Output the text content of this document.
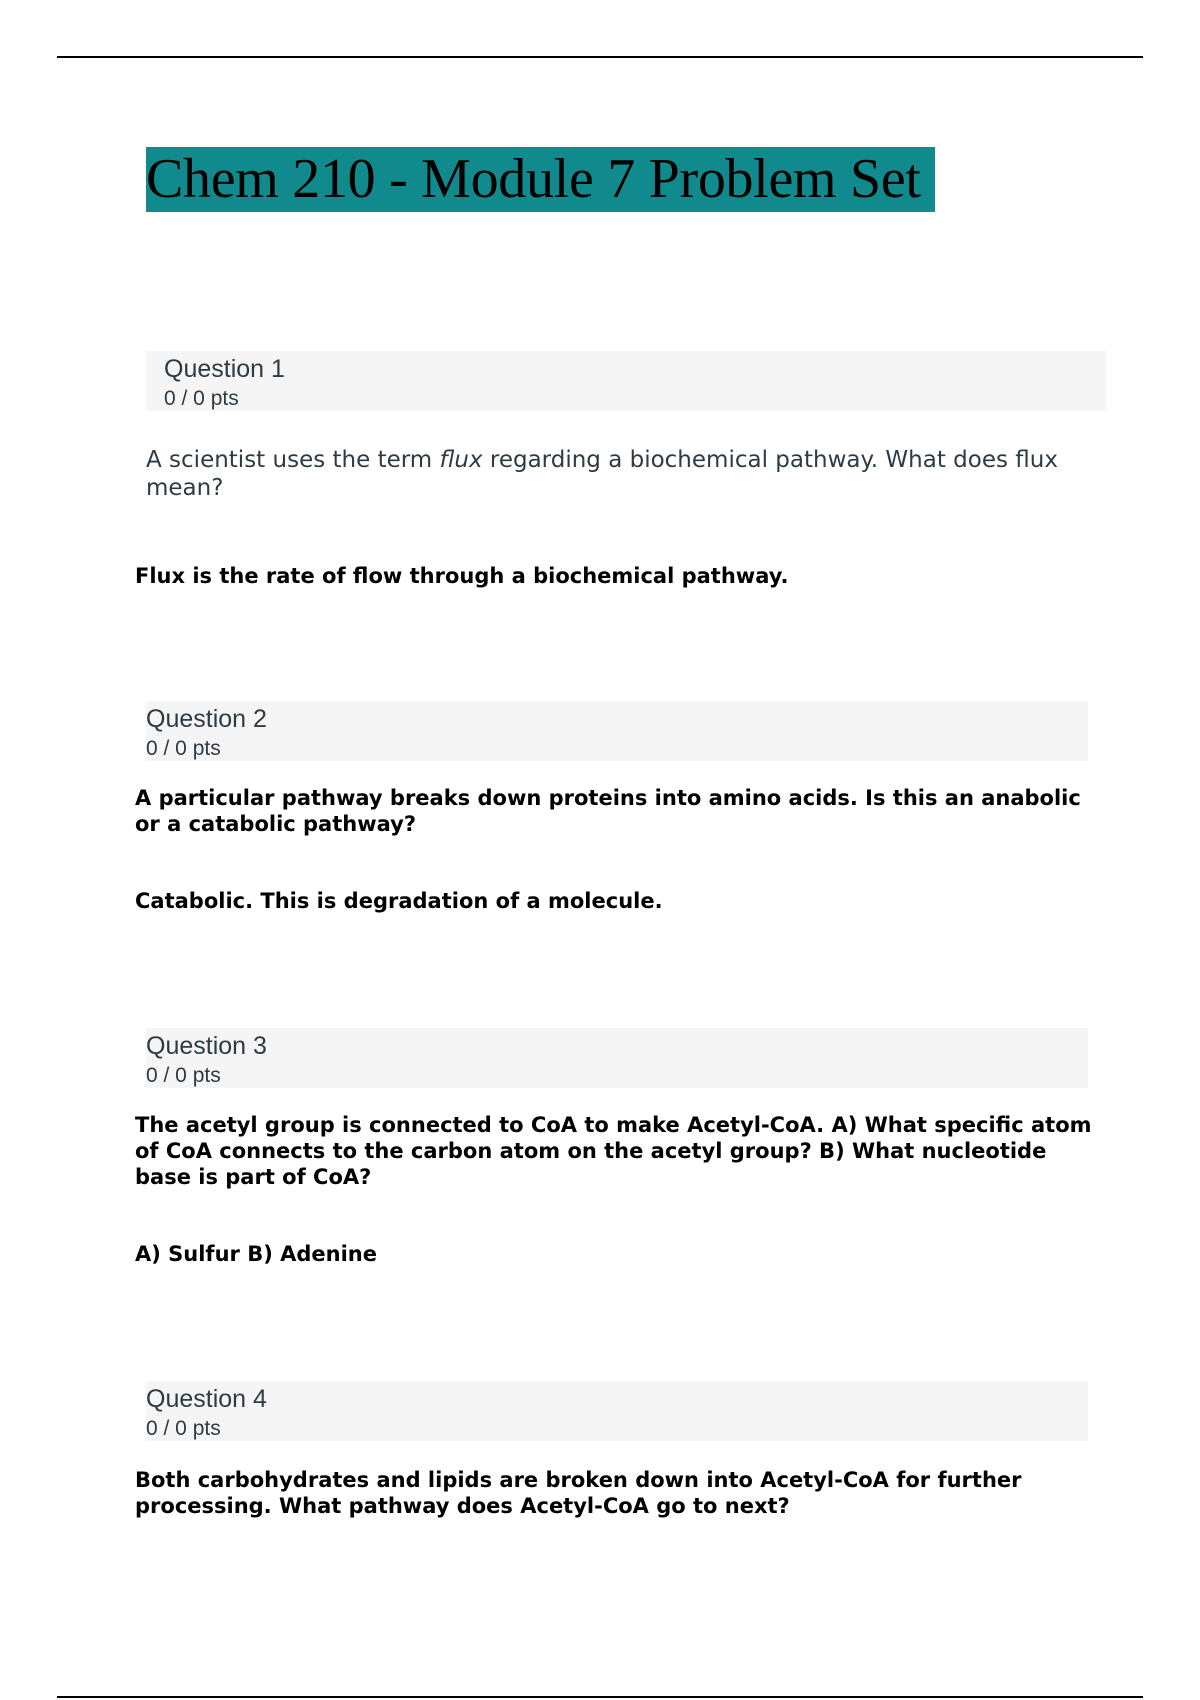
Chem 210 - Module 7 Problem Set
Question 1
0 / 0 pts
A scientist uses the term flux regarding a biochemical pathway. What does flux mean?
Flux is the rate of flow through a biochemical pathway.
Question 2
0 / 0 pts
A particular pathway breaks down proteins into amino acids. Is this an anabolic or a catabolic pathway?
Catabolic. This is degradation of a molecule.
Question 3
0 / 0 pts
The acetyl group is connected to CoA to make Acetyl-CoA. A) What specific atom of CoA connects to the carbon atom on the acetyl group? B) What nucleotide base is part of CoA?
A) Sulfur B) Adenine
Question 4
0 / 0 pts
Both carbohydrates and lipids are broken down into Acetyl-CoA for further processing. What pathway does Acetyl-CoA go to next?
